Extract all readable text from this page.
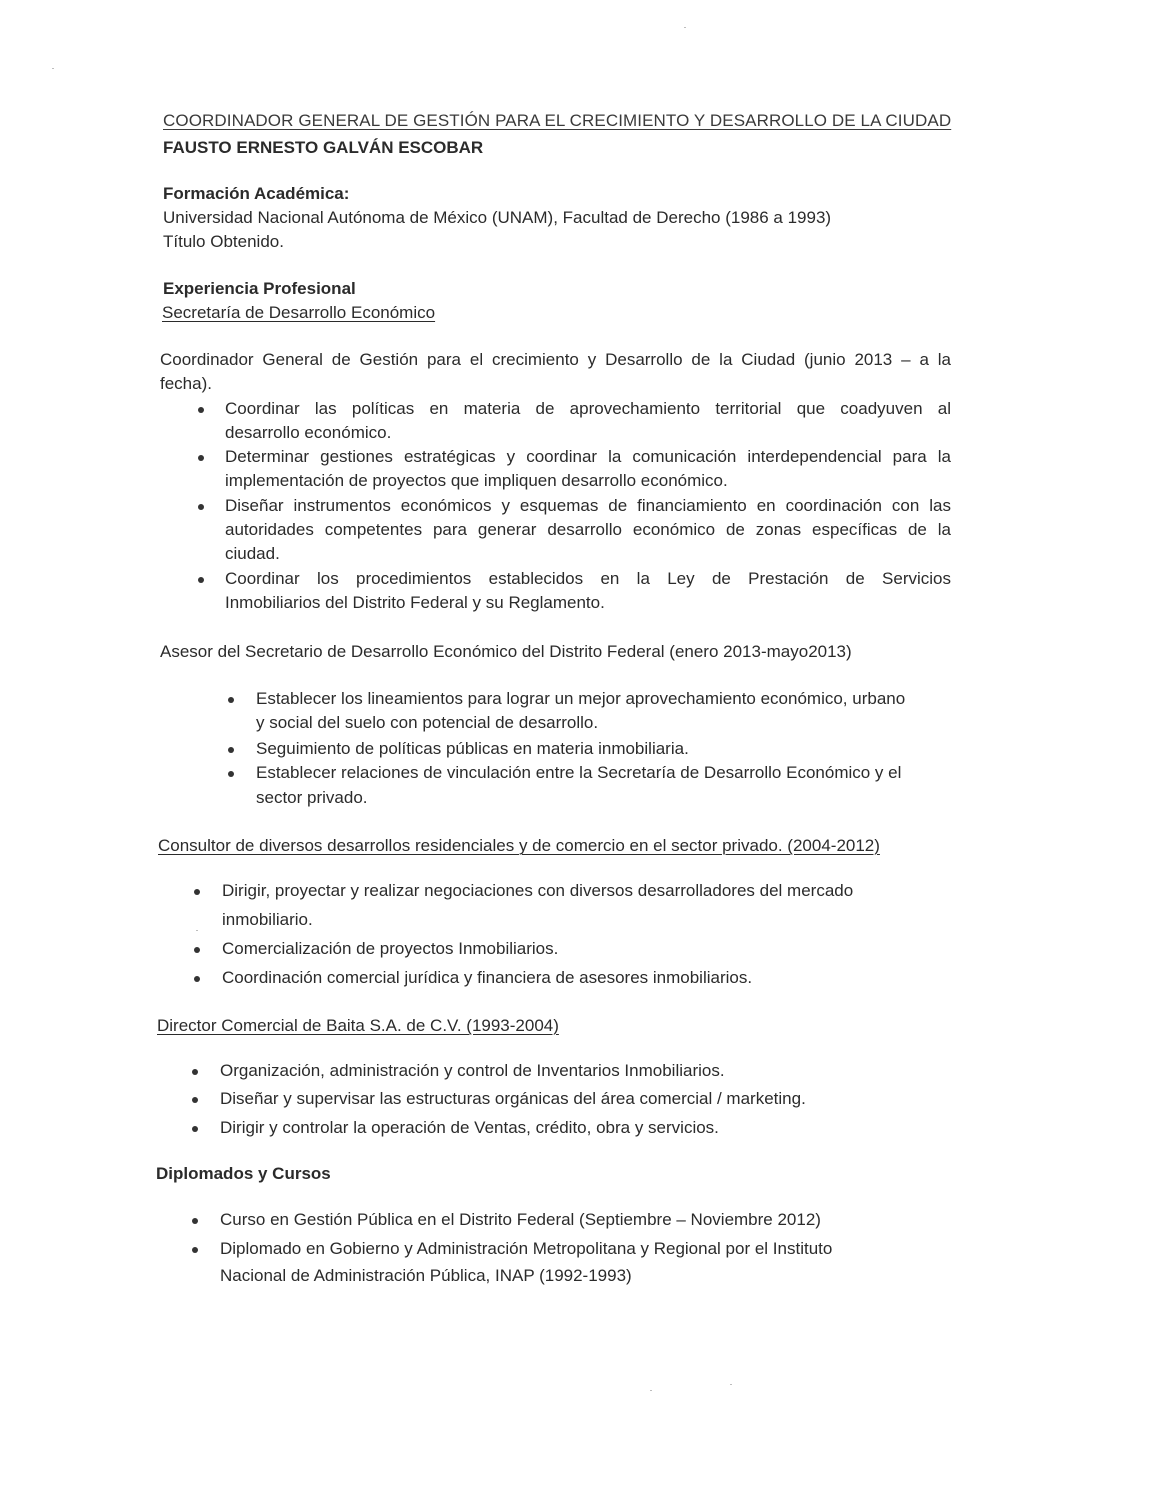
COORDINADOR GENERAL DE GESTIÓN PARA EL CRECIMIENTO Y DESARROLLO DE LA CIUDAD
FAUSTO ERNESTO GALVÁN ESCOBAR
Formación Académica:
Universidad Nacional Autónoma de México (UNAM), Facultad de Derecho (1986 a 1993)
Título Obtenido.
Experiencia Profesional
Secretaría de Desarrollo Económico
Coordinador General de Gestión para el crecimiento y Desarrollo de la Ciudad (junio 2013 – a la
fecha).
Coordinar las políticas en materia de aprovechamiento territorial que coadyuven al
desarrollo económico.
Determinar gestiones estratégicas y coordinar la comunicación interdependencial para la
implementación de proyectos que impliquen desarrollo económico.
Diseñar instrumentos económicos y esquemas de financiamiento en coordinación con las
autoridades competentes para generar desarrollo económico de zonas específicas de la
ciudad.
Coordinar los procedimientos establecidos en la Ley de Prestación de Servicios
Inmobiliarios del Distrito Federal y su Reglamento.
Asesor del Secretario de Desarrollo Económico del Distrito Federal (enero 2013-mayo2013)
Establecer los lineamientos para lograr un mejor aprovechamiento económico, urbano
y social del suelo con potencial de desarrollo.
Seguimiento de políticas públicas en materia inmobiliaria.
Establecer relaciones de vinculación entre la Secretaría de Desarrollo Económico y el
sector privado.
Consultor de diversos desarrollos residenciales y de comercio en el sector privado. (2004-2012)
Dirigir, proyectar y realizar negociaciones con diversos desarrolladores del mercado
inmobiliario.
Comercialización de proyectos Inmobiliarios.
Coordinación comercial jurídica y financiera de asesores inmobiliarios.
Director Comercial de Baita S.A. de C.V. (1993-2004)
Organización, administración y control de Inventarios Inmobiliarios.
Diseñar y supervisar las estructuras orgánicas del área comercial / marketing.
Dirigir y controlar la operación de Ventas, crédito, obra y servicios.
Diplomados y Cursos
Curso en Gestión Pública en el Distrito Federal (Septiembre – Noviembre 2012)
Diplomado en Gobierno y Administración Metropolitana y Regional por el Instituto
Nacional de Administración Pública, INAP (1992-1993)
